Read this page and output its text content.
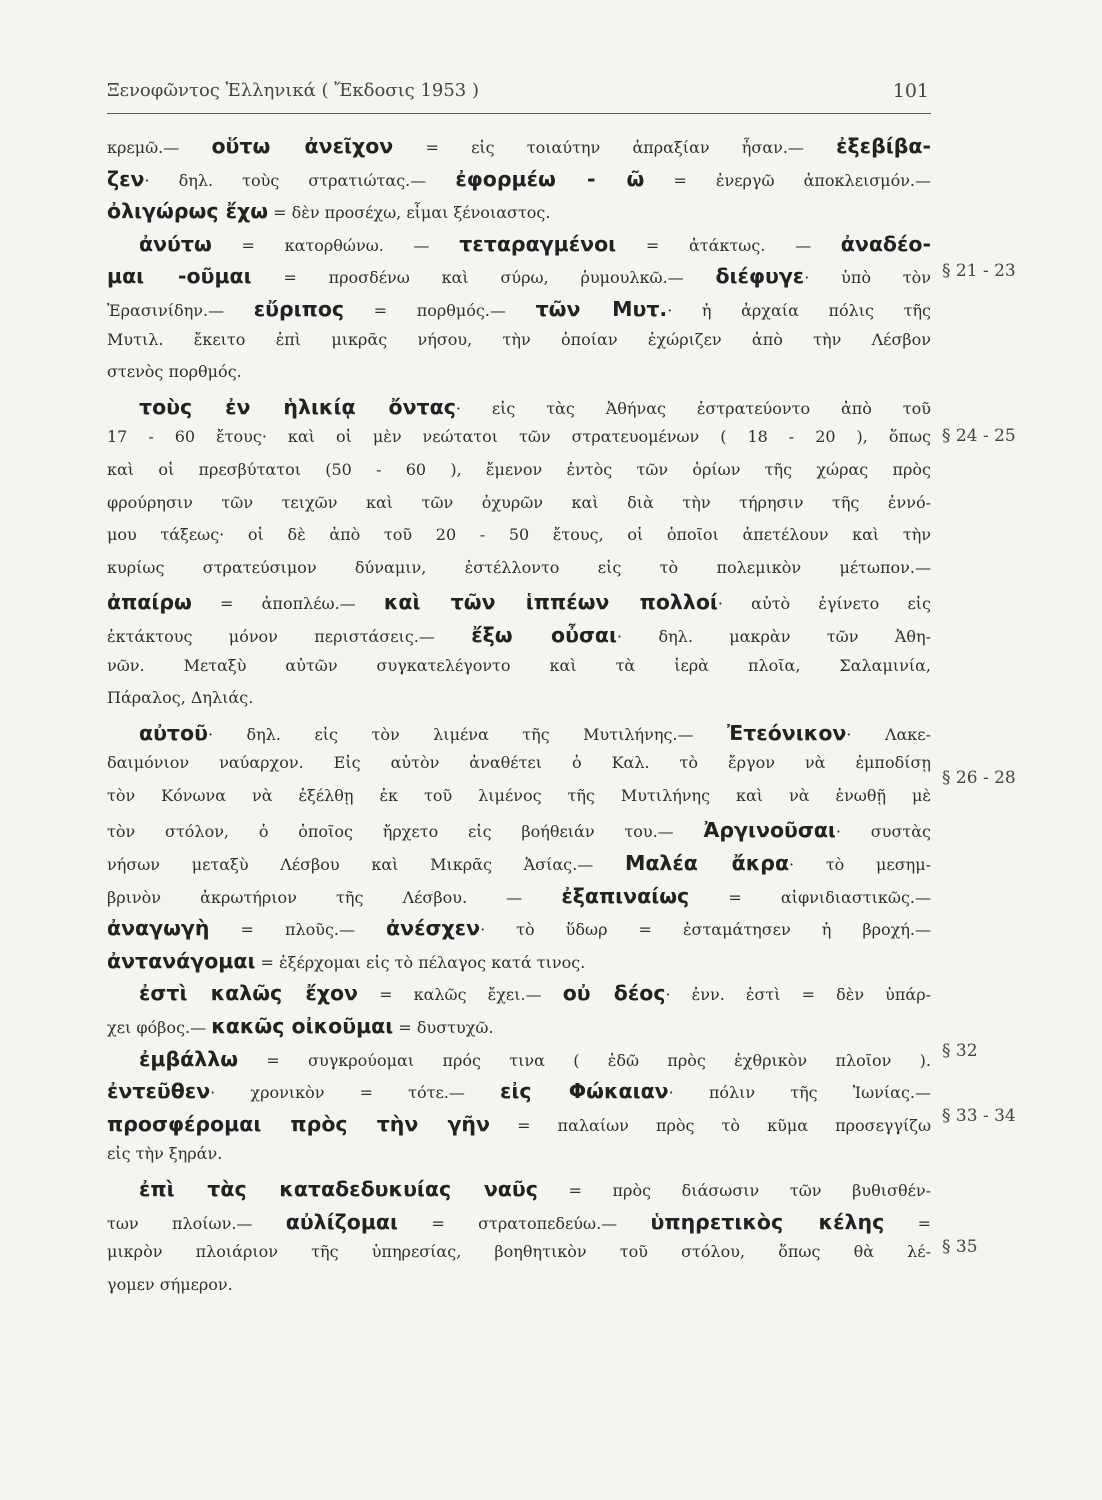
Ξενοφῶντος Ἑλληνικά ( Ἔκδοσις 1953 )	101
κρεμῶ.— οὕτω ἀνεῖχον = εἰς τοιαύτην ἀπραξίαν ἦσαν.— ἐξεβίβα-
ζεν· δηλ. τοὺς στρατιώτας.— ἐφορμέω - ῶ = ἐνεργῶ ἀποκλεισμόν.—
ὀλιγώρως ἔχω = δὲν προσέχω, εἶμαι ξένοιαστος.
ἀνύτω = κατορθώνω. — τεταραγμένοι = ἀτάκτως. — ἀναδέο-
μαι -οῦμαι = προσδένω καὶ σύρω, ῥυμουλκῶ.— διέφυγε· ὑπὸ τὸν
Ἐρασινίδην.— εὔριπος = πορθμός.— τῶν Μυτ.· ἡ ἀρχαία πόλις τῆς
Μυτιλ. ἔκειτο ἐπὶ μικρᾶς νήσου, τὴν ὁποίαν ἐχώριζεν ἀπὸ τὴν Λέσβον
στενὸς πορθμός.
τοὺς ἐν ἡλικίᾳ ὄντας· εἰς τὰς Ἀθήνας ἐστρατεύοντο ἀπὸ τοῦ
17 - 60 ἔτους· καὶ οἱ μὲν νεώτατοι τῶν στρατευομένων ( 18 - 20 ), ὅπως
καὶ οἱ πρεσβύτατοι (50 - 60 ), ἔμενον ἐντὸς τῶν ὁρίων τῆς χώρας πρὸς
φρούρησιν τῶν τειχῶν καὶ τῶν ὀχυρῶν καὶ διὰ τὴν τήρησιν τῆς ἐννό-
μου τάξεως· οἱ δὲ ἀπὸ τοῦ 20 - 50 ἔτους, οἱ ὁποῖοι ἀπετέλουν καὶ τὴν
κυρίως στρατεύσιμον δύναμιν, ἐστέλλοντο εἰς τὸ πολεμικὸν μέτωπον.—
ἀπαίρω = ἀποπλέω.— καὶ τῶν ἱππέων πολλοί· αὐτὸ ἐγίνετο εἰς
ἐκτάκτους μόνον περιστάσεις.— ἔξω οὖσαι· δηλ. μακρὰν τῶν Ἀθη-
νῶν. Μεταξὺ αὐτῶν συγκατελέγοντο καὶ τὰ ἱερὰ πλοῖα, Σαλαμινία,
Πάραλος, Δηλιάς.
αὐτοῦ· δηλ. εἰς τὸν λιμένα τῆς Μυτιλήνης.— Ἐτεόνικον· Λακε-
δαιμόνιον ναύαρχον. Εἰς αὐτὸν ἀναθέτει ὁ Καλ. τὸ ἔργον νὰ ἐμποδίσῃ
τὸν Κόνωνα νὰ ἐξέλθῃ ἐκ τοῦ λιμένος τῆς Μυτιλήνης καὶ νὰ ἑνωθῇ μὲ
τὸν στόλον, ὁ ὁποῖος ἤρχετο εἰς βοήθειάν του.— Ἀργινοῦσαι· συστὰς
νήσων μεταξὺ Λέσβου καὶ Μικρᾶς Ἀσίας.— Μαλέα ἄκρα· τὸ μεσημ-
βρινὸν ἀκρωτήριον τῆς Λέσβου. — ἐξαπιναίως = αἰφνιδιαστικῶς.—
ἀναγωγὴ = πλοῦς.— ἀνέσχεν· τὸ ὕδωρ = ἐσταμάτησεν ἡ βροχή.—
ἀντανάγομαι = ἐξέρχομαι εἰς τὸ πέλαγος κατά τινος.
ἐστὶ καλῶς ἔχον = καλῶς ἔχει.— οὐ δέος· ἐνν. ἐστὶ = δὲν ὑπάρ-
χει φόβος.— κακῶς οἰκοῦμαι = δυστυχῶ.
ἐμβάλλω = συγκρούομαι πρός τινα ( ἐδῶ πρὸς ἐχθρικὸν πλοῖον ).
ἐντεῦθεν· χρονικὸν = τότε.— εἰς Φώκαιαν· πόλιν τῆς Ἰωνίας.—
προσφέρομαι πρὸς τὴν γῆν = παλαίων πρὸς τὸ κῦμα προσεγγίζω
εἰς τὴν ξηράν.
ἐπὶ τὰς καταδεδυκυίας ναῦς = πρὸς διάσωσιν τῶν βυθισθέν-
των πλοίων.— αὐλίζομαι = στρατοπεδεύω.— ὑπηρετικὸς κέλης =
μικρὸν πλοιάριον τῆς ὑπηρεσίας, βοηθητικὸν τοῦ στόλου, ὅπως θὰ λέ-
γομεν σήμερον.
§ 21 - 23
§ 24 - 25
§ 26 - 28
§ 32
§ 33 - 34
§ 35
